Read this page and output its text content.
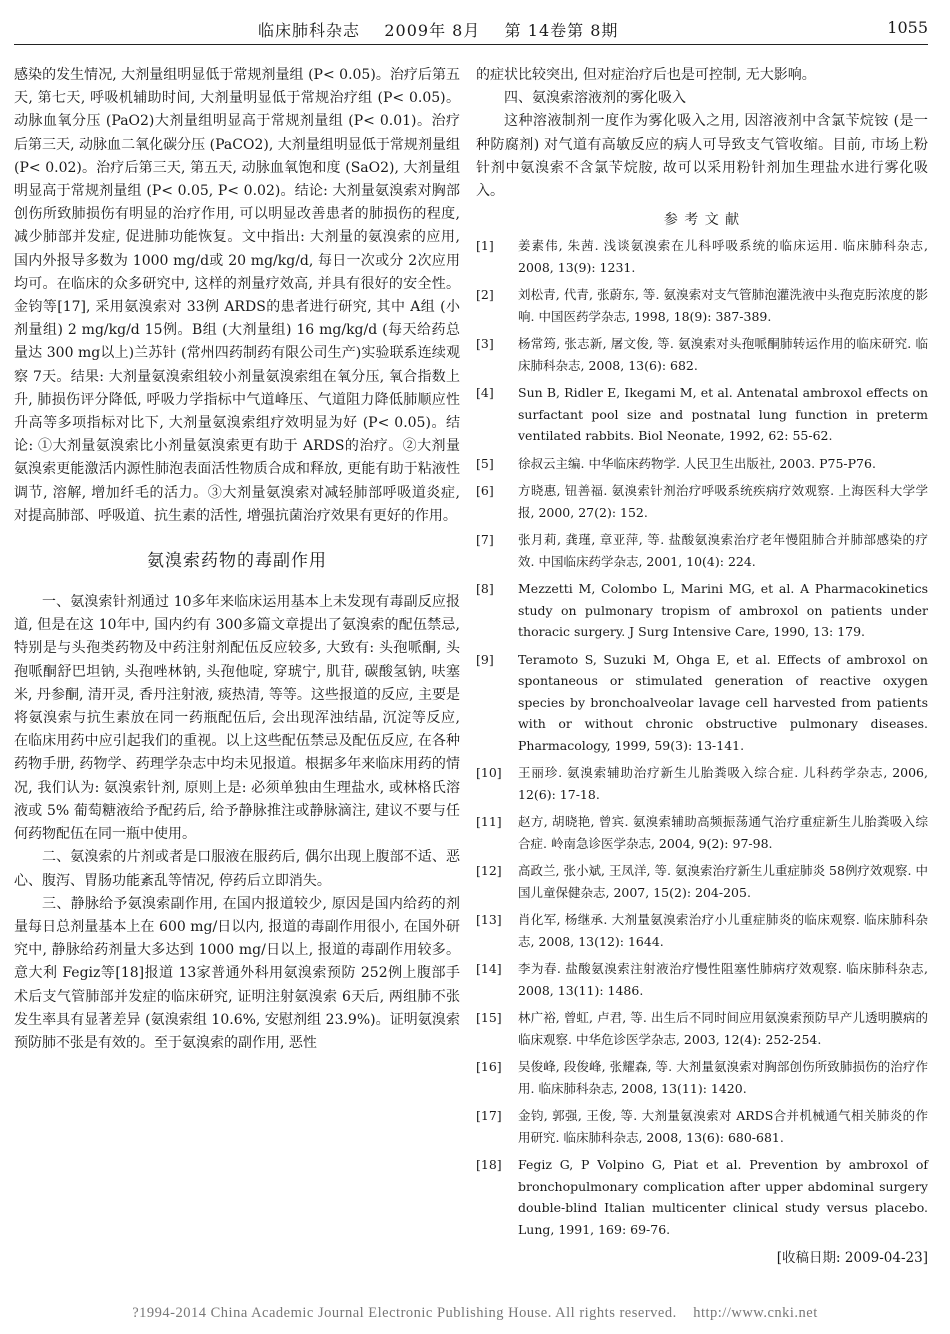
临床肺科杂志    2009年 8月    第 14卷第 8期	1055

感染的发生情况, 大剂量组明显低于常规剂量组 (P< 0.05)。治疗后第五天, 第七天, 呼吸机辅助时间, 大剂量明显低于常规治疗组 (P< 0.05)。动脉血氧分压 (PaO2)大剂量组明显高于常规剂量组 (P< 0.01)。治疗后第三天, 动脉血二氧化碳分压 (PaCO2), 大剂量组明显低于常规剂量组 (P< 0.02)。治疗后第三天, 第五天, 动脉血氧饱和度 (SaO2), 大剂量组明显高于常规剂量组 (P< 0.05, P< 0.02)。结论: 大剂量氨溴索对胸部创伤所致肺损伤有明显的治疗作用, 可以明显改善患者的肺损伤的程度, 减少肺部并发症, 促进肺功能恢复。文中指出: 大剂量的氨溴索的应用, 国内外报导多数为 1000 mg/d或 20 mg/kg/d, 每日一次或分 2次应用均可。在临床的众多研究中, 这样的剂量疗效高, 并具有很好的安全性。金钧等[17], 采用氨溴索对 33例 ARDS的患者进行研究, 其中 A组 (小剂量组) 2 mg/kg/d 15例。B组 (大剂量组) 16 mg/kg/d (每天给药总量达 300 mg以上)兰苏针 (常州四药制药有限公司生产)实验联系连续观察 7天。结果: 大剂量氨溴索组较小剂量氨溴索组在氧分压, 氧合指数上升, 肺损伤评分降低, 呼吸力学指标中气道峰压、气道阻力降低肺顺应性升高等多项指标对比下, 大剂量氨溴索组疗效明显为好 (P< 0.05)。结论: ①大剂量氨溴索比小剂量氨溴索更有助于 ARDS的治疗。②大剂量氨溴索更能激活内源性肺泡表面活性物质合成和释放, 更能有助于粘液性调节, 溶解, 增加纤毛的活力。③大剂量氨溴索对减轻肺部呼吸道炎症, 对提高肺部、呼吸道、抗生素的活性, 增强抗菌治疗效果有更好的作用。

氨溴索药物的毒副作用

一、氨溴索针剂通过 10多年来临床运用基本上未发现有毒副反应报道, 但是在这 10年中, 国内约有 300多篇文章提出了氨溴索的配伍禁忌, 特别是与头孢类药物及中药注射剂配伍反应较多, 大致有: 头孢哌酮, 头孢哌酮舒巴坦钠, 头孢唑林钠, 头孢他啶, 穿琥宁, 肌苷, 碳酸氢钠, 呋塞米, 丹参酮, 清开灵, 香丹注射液, 痰热清, 等等。这些报道的反应, 主要是将氨溴索与抗生素放在同一药瓶配伍后, 会出现浑浊结晶, 沉淀等反应, 在临床用药中应引起我们的重视。以上这些配伍禁忌及配伍反应, 在各种药物手册, 药物学、药理学杂志中均未见报道。根据多年来临床用药的情况, 我们认为: 氨溴索针剂, 原则上是: 必须单独由生理盐水, 或林格氏溶液或 5% 葡萄糖液给予配药后, 给予静脉推注或静脉滴注, 建议不要与任何药物配伍在同一瓶中使用。

二、氨溴索的片剂或者是口服液在服药后, 偶尔出现上腹部不适、恶心、腹泻、胃肠功能紊乱等情况, 停药后立即消失。

三、静脉给予氨溴索副作用, 在国内报道较少, 原因是国内给药的剂量每日总剂量基本上在 600 mg/日以内, 报道的毒副作用很小, 在国外研究中, 静脉给药剂量大多达到 1000 mg/日以上, 报道的毒副作用较多。意大利 Fegiz等[18]报道 13家普通外科用氨溴索预防 252例上腹部手术后支气管肺部并发症的临床研究, 证明注射氨溴索 6天后, 两组肺不张发生率具有显著差异 (氨溴索组 10.6%, 安慰剂组 23.9%)。证明氨溴索预防肺不张是有效的。至于氨溴索的副作用, 恶性

的症状比较突出, 但对症治疗后也是可控制, 无大影响。

四、氨溴索溶液剂的雾化吸入

这种溶液制剂一度作为雾化吸入之用, 因溶液剂中含氯苄烷铵 (是一种防腐剂) 对气道有高敏反应的病人可导致支气管收缩。目前, 市场上粉针剂中氨溴索不含氯苄烷胺, 故可以采用粉针剂加生理盐水进行雾化吸入。

参 考 文 献

[1] 姜素伟, 朱茜. 浅谈氨溴索在儿科呼吸系统的临床运用. 临床肺科杂志, 2008, 13(9): 1231.

[2] 刘松青, 代青, 张蔚东, 等. 氨溴索对支气管肺泡灌洗液中头孢克肟浓度的影响. 中国医药学杂志, 1998, 18(9): 387-389.

[3] 杨常筠, 张志新, 屠文俊, 等. 氨溴索对头孢哌酮肺转运作用的临床研究. 临床肺科杂志, 2008, 13(6): 682.

[4] Sun B, Ridler E, Ikegami M, et al. Antenatal ambroxol effects on surfactant pool size and postnatal lung function in preterm ventilated rabbits. Biol Neonate, 1992, 62: 55-62.

[5] 徐叔云主编. 中华临床药物学. 人民卫生出版社, 2003. P75-P76.

[6] 方晓惠, 钮善福. 氨溴索针剂治疗呼吸系统疾病疗效观察. 上海医科大学学报, 2000, 27(2): 152.

[7] 张月莉, 龚瑾, 章亚萍, 等. 盐酸氨溴索治疗老年慢阻肺合并肺部感染的疗效. 中国临床药学杂志, 2001, 10(4): 224.

[8] Mezzetti M, Colombo L, Marini MG, et al. A Pharmacokinetics study on pulmonary tropism of ambroxol on patients under thoracic surgery. J Surg Intensive Care, 1990, 13: 179.

[9] Teramoto S, Suzuki M, Ohga E, et al. Effects of ambroxol on spontaneous or stimulated generation of reactive oxygen species by bronchoalveolar lavage cell harvested from patients with or without chronic obstructive pulmonary diseases. Pharmacology, 1999, 59(3): 13-141.

[10] 王丽珍. 氨溴索辅助治疗新生儿胎粪吸入综合症. 儿科药学杂志, 2006, 12(6): 17-18.

[11] 赵方, 胡晓艳, 曾宾. 氨溴索辅助高频振荡通气治疗重症新生儿胎粪吸入综合症. 岭南急诊医学杂志, 2004, 9(2): 97-98.

[12] 高政兰, 张小斌, 王凤洋, 等. 氨溴索治疗新生儿重症肺炎 58例疗效观察. 中国儿童保健杂志, 2007, 15(2): 204-205.

[13] 肖化军, 杨继承. 大剂量氨溴索治疗小儿重症肺炎的临床观察. 临床肺科杂志, 2008, 13(12): 1644.

[14] 李为春. 盐酸氨溴索注射液治疗慢性阻塞性肺病疗效观察. 临床肺科杂志, 2008, 13(11): 1486.

[15] 林广裕, 曾虹, 卢君, 等. 出生后不同时间应用氨溴索预防早产儿透明膜病的临床观察. 中华危诊医学杂志, 2003, 12(4): 252-254.

[16] 吴俊峰, 段俊峰, 张耀森, 等. 大剂量氨溴索对胸部创伤所致肺损伤的治疗作用. 临床肺科杂志, 2008, 13(11): 1420.

[17] 金钧, 郭强, 王俊, 等. 大剂量氨溴索对 ARDS合并机械通气相关肺炎的作用研究. 临床肺科杂志, 2008, 13(6): 680-681.

[18] Fegiz G, P Volpino G, Piat et al. Prevention by ambroxol of bronchopulmonary complication after upper abdominal surgery double-blind Italian multicenter clinical study versus placebo. Lung, 1991, 169: 69-76.

[收稿日期: 2009-04-23]
?1994-2014 China Academic Journal Electronic Publishing House. All rights reserved.    http://www.cnki.net
